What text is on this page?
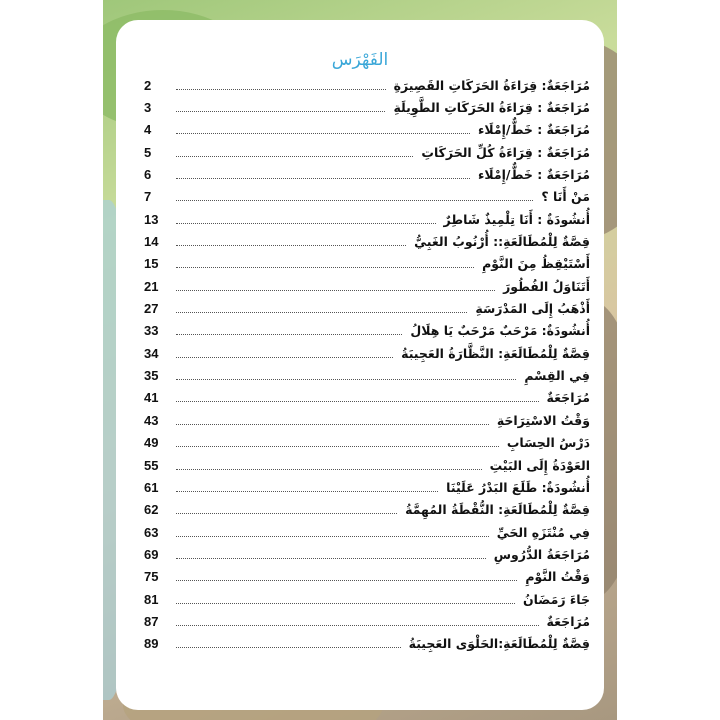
الفَهْرَس
مُرَاجَعَةٌ: قِرَاءَةُ الحَرَكَاتِ القَصِيرَةِ
2
مُرَاجَعَةٌ : قِرَاءَةُ الحَرَكَاتِ الطَّوِيلَةِ
3
مُرَاجَعَةٌ : خَطٌّ/إِمْلَاء
4
مُرَاجَعَةٌ : قِرَاءَةُ كُلِّ الحَرَكَاتِ
5
مُرَاجَعَةٌ : خَطٌّ/إِمْلَاء
6
مَنْ أَنَا ؟
7
أُنشُودَةٌ : أَنَا تِلْمِيذٌ شَاطِرٌ
13
قِصَّةٌ لِلْمُطَالَعَةِ:: أُرْنُوبُ الغَبِيُّ
14
أَسْتَيْقِظُ مِنَ النَّوْمِ
15
أَتَنَاوَلُ الفُطُورَ
21
أَذْهَبُ إِلَى المَدْرَسَةِ
27
أُنشُودَةٌ: مَرْحَبٌ مَرْحَبٌ يَا هِلَالُ
33
قِصَّةٌ لِلْمُطَالَعَةِ: النَّظَّارَةُ العَجِيبَةُ
34
فِي القِسْمِ
35
مُرَاجَعَةٌ
41
وَقْتُ الاسْتِرَاحَةِ
43
دَرْسُ الحِسَابِ
49
العَوْدَةُ إِلَى البَيْتِ
55
أُنشُودَةٌ: طَلَعَ البَدْرُ عَلَيْنَا
61
قِصَّةٌ لِلْمُطَالَعَةِ: النُّقْطَةُ المُهِمَّةُ
62
فِي مُنْتَزَهِ الحَيِّ
63
مُرَاجَعَةُ الدُّرُوسِ
69
وَقْتُ النَّوْمِ
75
جَاءَ رَمَضَانُ
81
مُرَاجَعَةٌ
87
قِصَّةٌ لِلْمُطَالَعَةِ:الحَلْوَى العَجِيبَةُ
89
